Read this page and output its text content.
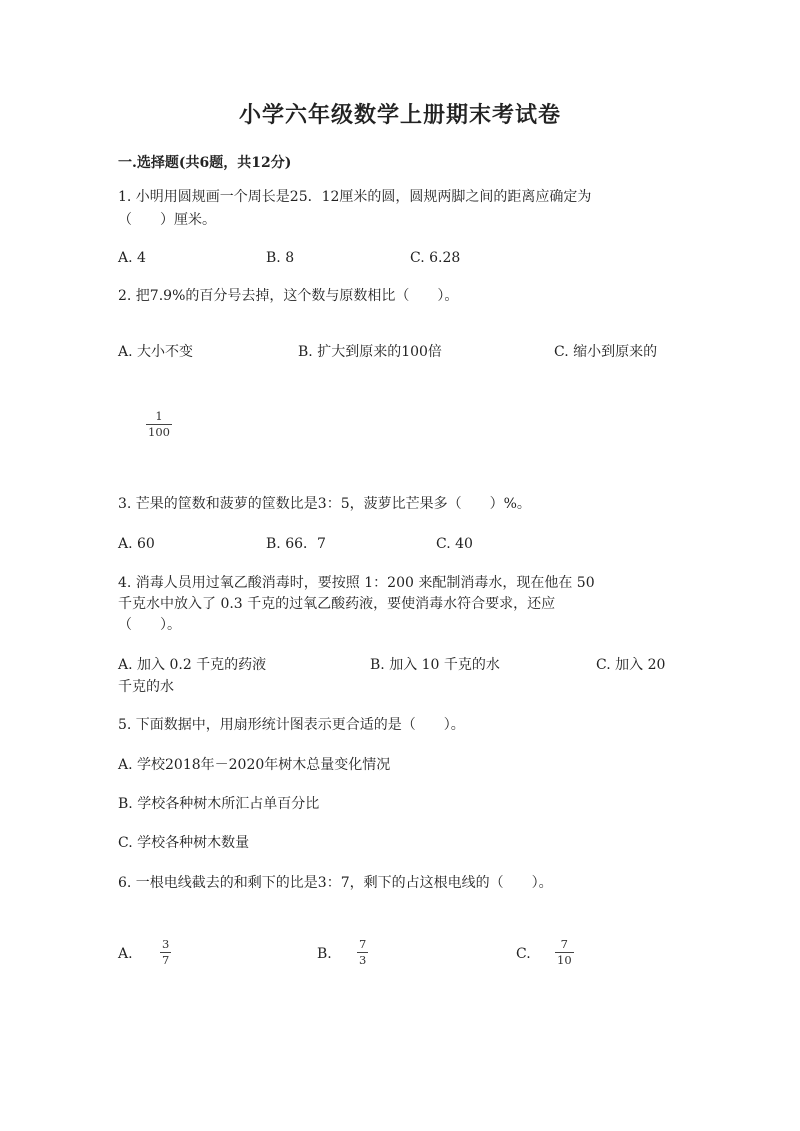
小学六年级数学上册期末考试卷
一.选择题(共6题，共12分)
1. 小明用圆规画一个周长是25．12厘米的圆，圆规两脚之间的距离应确定为
（　　）厘米。
A. 4	B. 8	C. 6.28
2. 把7.9%的百分号去掉，这个数与原数相比（　　）。
A. 大小不变	B. 扩大到原来的100倍	C. 缩小到原来的
1
100
3. 芒果的筐数和菠萝的筐数比是3：5，菠萝比芒果多（　　）%。
A. 60	B. 66．7	C. 40
4. 消毒人员用过氧乙酸消毒时，要按照 1：200 来配制消毒水，现在他在 50
千克水中放入了 0.3 千克的过氧乙酸药液，要使消毒水符合要求，还应
（　　）。
A. 加入 0.2 千克的药液	B. 加入 10 千克的水	C. 加入 20
千克的水
5. 下面数据中，用扇形统计图表示更合适的是（　　）。
A. 学校2018年－2020年树木总量变化情况
B. 学校各种树木所汇占单百分比
C. 学校各种树木数量
6. 一根电线截去的和剩下的比是3：7，剩下的占这根电线的（　　）。
A.
3
7	B.
7
3	C.
7
10
